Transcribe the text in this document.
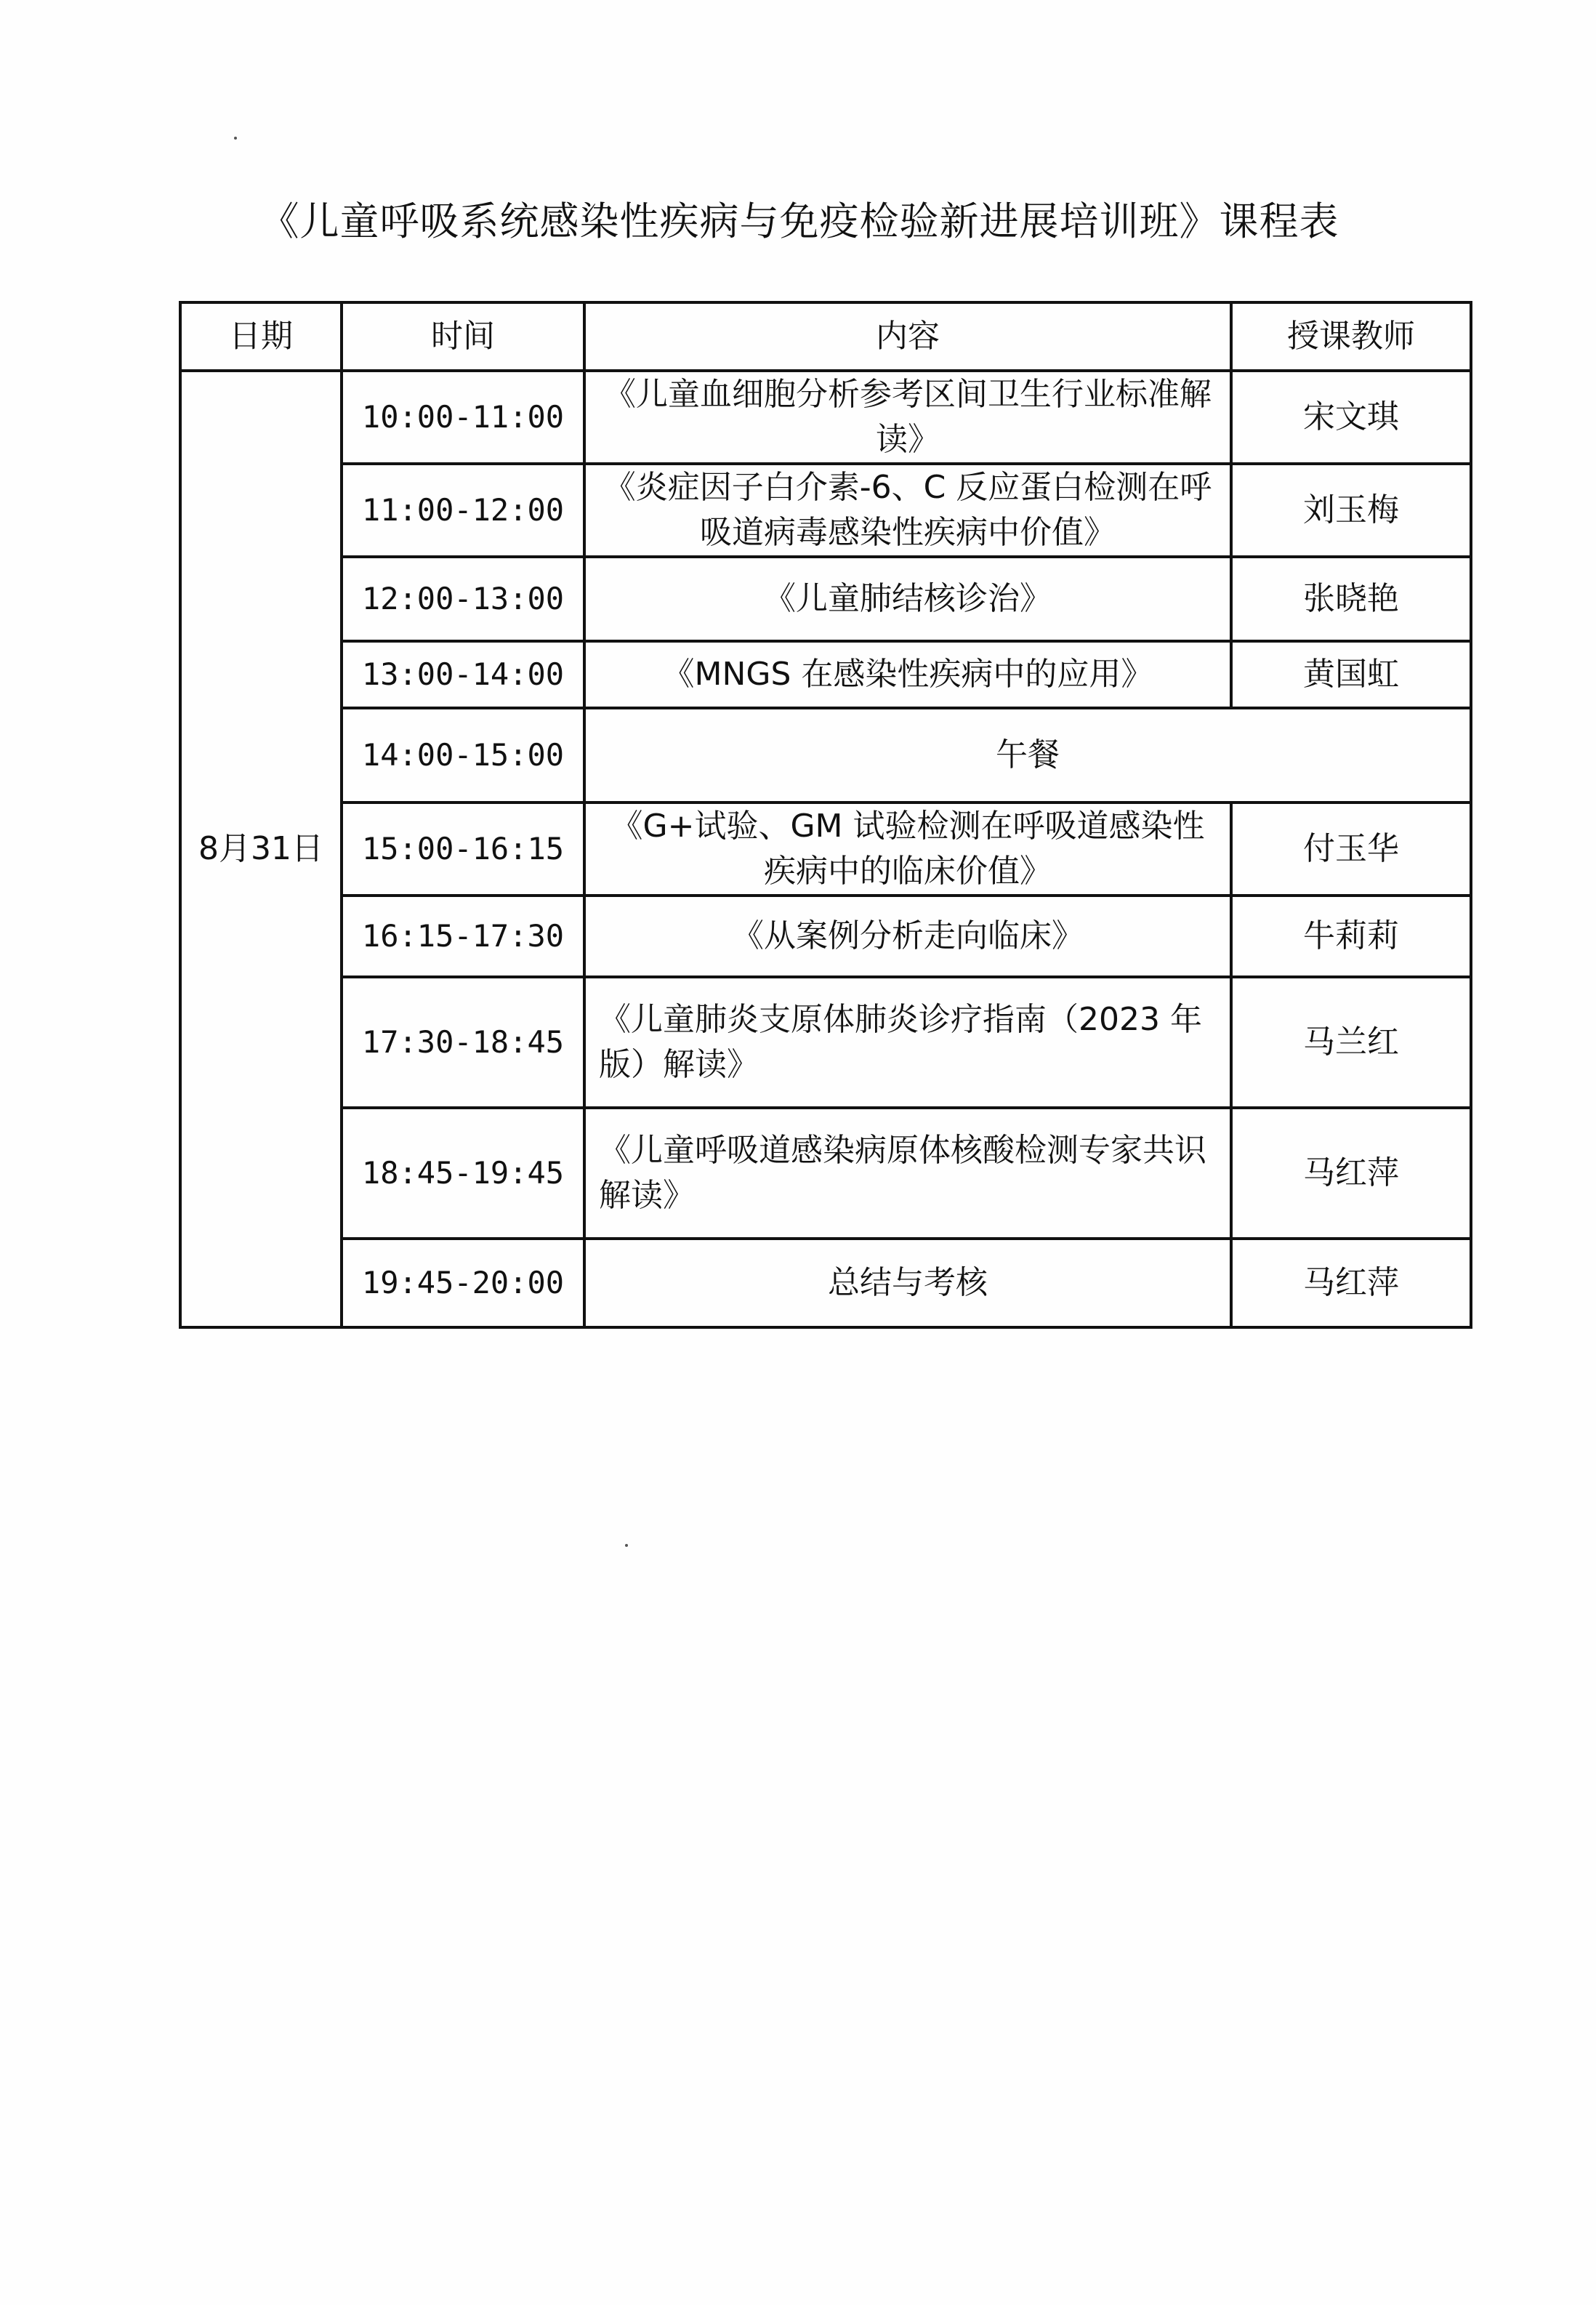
《儿童呼吸系统感染性疾病与免疫检验新进展培训班》课程表
日期	时间	内容	授课教师
8月31日	10:00-11:00	《儿童血细胞分析参考区间卫生行业标准解读》	宋文琪
	11:00-12:00	《炎症因子白介素-6、C 反应蛋白检测在呼吸道病毒感染性疾病中价值》	刘玉梅
	12:00-13:00	《儿童肺结核诊治》	张晓艳
	13:00-14:00	《MNGS 在感染性疾病中的应用》	黄国虹
	14:00-15:00	午餐	
	15:00-16:15	《G+试验、GM 试验检测在呼吸道感染性疾病中的临床价值》	付玉华
	16:15-17:30	《从案例分析走向临床》	牛莉莉
	17:30-18:45	《儿童肺炎支原体肺炎诊疗指南（2023 年版）解读》	马兰红
	18:45-19:45	《儿童呼吸道感染病原体核酸检测专家共识解读》	马红萍
	19:45-20:00	总结与考核	马红萍
